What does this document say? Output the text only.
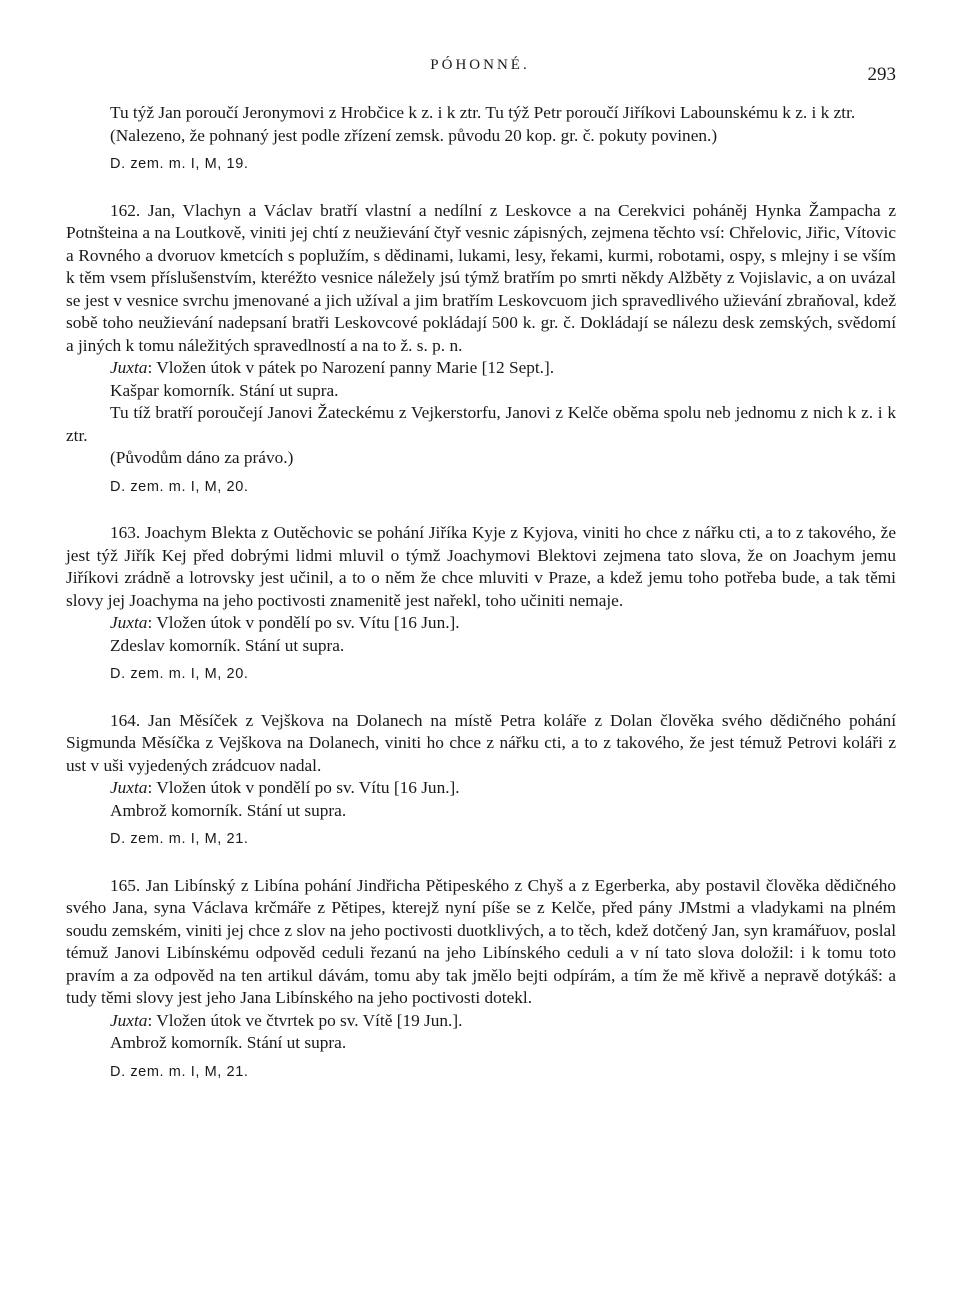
PÓHONNÉ.	293

Tu týž Jan poroučí Jeronymovi z Hrobčice k z. i k ztr. Tu týž Petr poroučí Jiříkovi Labounskému k z. i k ztr.

(Nalezeno, že pohnaný jest podle zřízení zemsk. původu 20 kop. gr. č. pokuty povinen.)

D. zem. m. I, M, 19.

162. Jan, Vlachyn a Václav bratří vlastní a nedílní z Leskovce a na Cerekvici poháněj Hynka Žampacha z Potnšteina a na Loutkově, viniti jej chtí z neužievání čtyř vesnic zápisných, zejmena těchto vsí: Chřelovic, Jiřic, Vítovic a Rovného a dvoruov kmetcích s poplužím, s dědinami, lukami, lesy, řekami, kurmi, robotami, ospy, s mlejny i se vším k těm vsem příslušenstvím, kteréžto vesnice náležely jsú týmž bratřím po smrti někdy Alžběty z Vojislavic, a on uvázal se jest v vesnice svrchu jmenované a jich užíval a jim bratřím Leskovcuom jich spravedlivého užievání zbraňoval, kdež sobě toho neužievání nadepsaní bratři Leskovcové pokládají 500 k. gr. č. Dokládají se nálezu desk zemských, svědomí a jiných k tomu náležitých spravedlností a na to ž. s. p. n.

Juxta: Vložen útok v pátek po Narození panny Marie [12 Sept.].

Kašpar komorník. Stání ut supra.

Tu tíž bratří poroučejí Janovi Žateckému z Vejkerstorfu, Janovi z Kelče oběma spolu neb jednomu z nich k z. i k ztr.

(Původům dáno za právo.)

D. zem. m. I, M, 20.

163. Joachym Blekta z Outěchovic se pohání Jiříka Kyje z Kyjova, viniti ho chce z nářku cti, a to z takového, že jest týž Jiřík Kej před dobrými lidmi mluvil o týmž Joachymovi Blektovi zejmena tato slova, že on Joachym jemu Jiříkovi zrádně a lotrovsky jest učinil, a to o něm že chce mluviti v Praze, a kdež jemu toho potřeba bude, a tak těmi slovy jej Joachyma na jeho poctivosti znamenitě jest nařekl, toho učiniti nemaje.

Juxta: Vložen útok v pondělí po sv. Vítu [16 Jun.].

Zdeslav komorník. Stání ut supra.

D. zem. m. I, M, 20.

164. Jan Měsíček z Vejškova na Dolanech na místě Petra koláře z Dolan člověka svého dědičného pohání Sigmunda Měsíčka z Vejškova na Dolanech, viniti ho chce z nářku cti, a to z takového, že jest témuž Petrovi koláři z ust v uši vyjedených zrádcuov nadal.

Juxta: Vložen útok v pondělí po sv. Vítu [16 Jun.].

Ambrož komorník. Stání ut supra.

D. zem. m. I, M, 21.

165. Jan Libínský z Libína pohání Jindřicha Pětipeského z Chyš a z Egerberka, aby postavil člověka dědičného svého Jana, syna Václava krčmáře z Pětipes, kterejž nyní píše se z Kelče, před pány JMstmi a vladykami na plném soudu zemském, viniti jej chce z slov na jeho poctivosti duotklivých, a to těch, kdež dotčený Jan, syn kramářuov, poslal témuž Janovi Libínskému odpověd ceduli řezanú na jeho Libínského ceduli a v ní tato slova doložil: i k tomu toto pravím a za odpověd na ten artikul dávám, tomu aby tak jmělo bejti odpírám, a tím že mě křivě a nepravě dotýkáš: a tudy těmi slovy jest jeho Jana Libínského na jeho poctivosti dotekl.

Juxta: Vložen útok ve čtvrtek po sv. Vítě [19 Jun.].

Ambrož komorník. Stání ut supra.

D. zem. m. I, M, 21.
